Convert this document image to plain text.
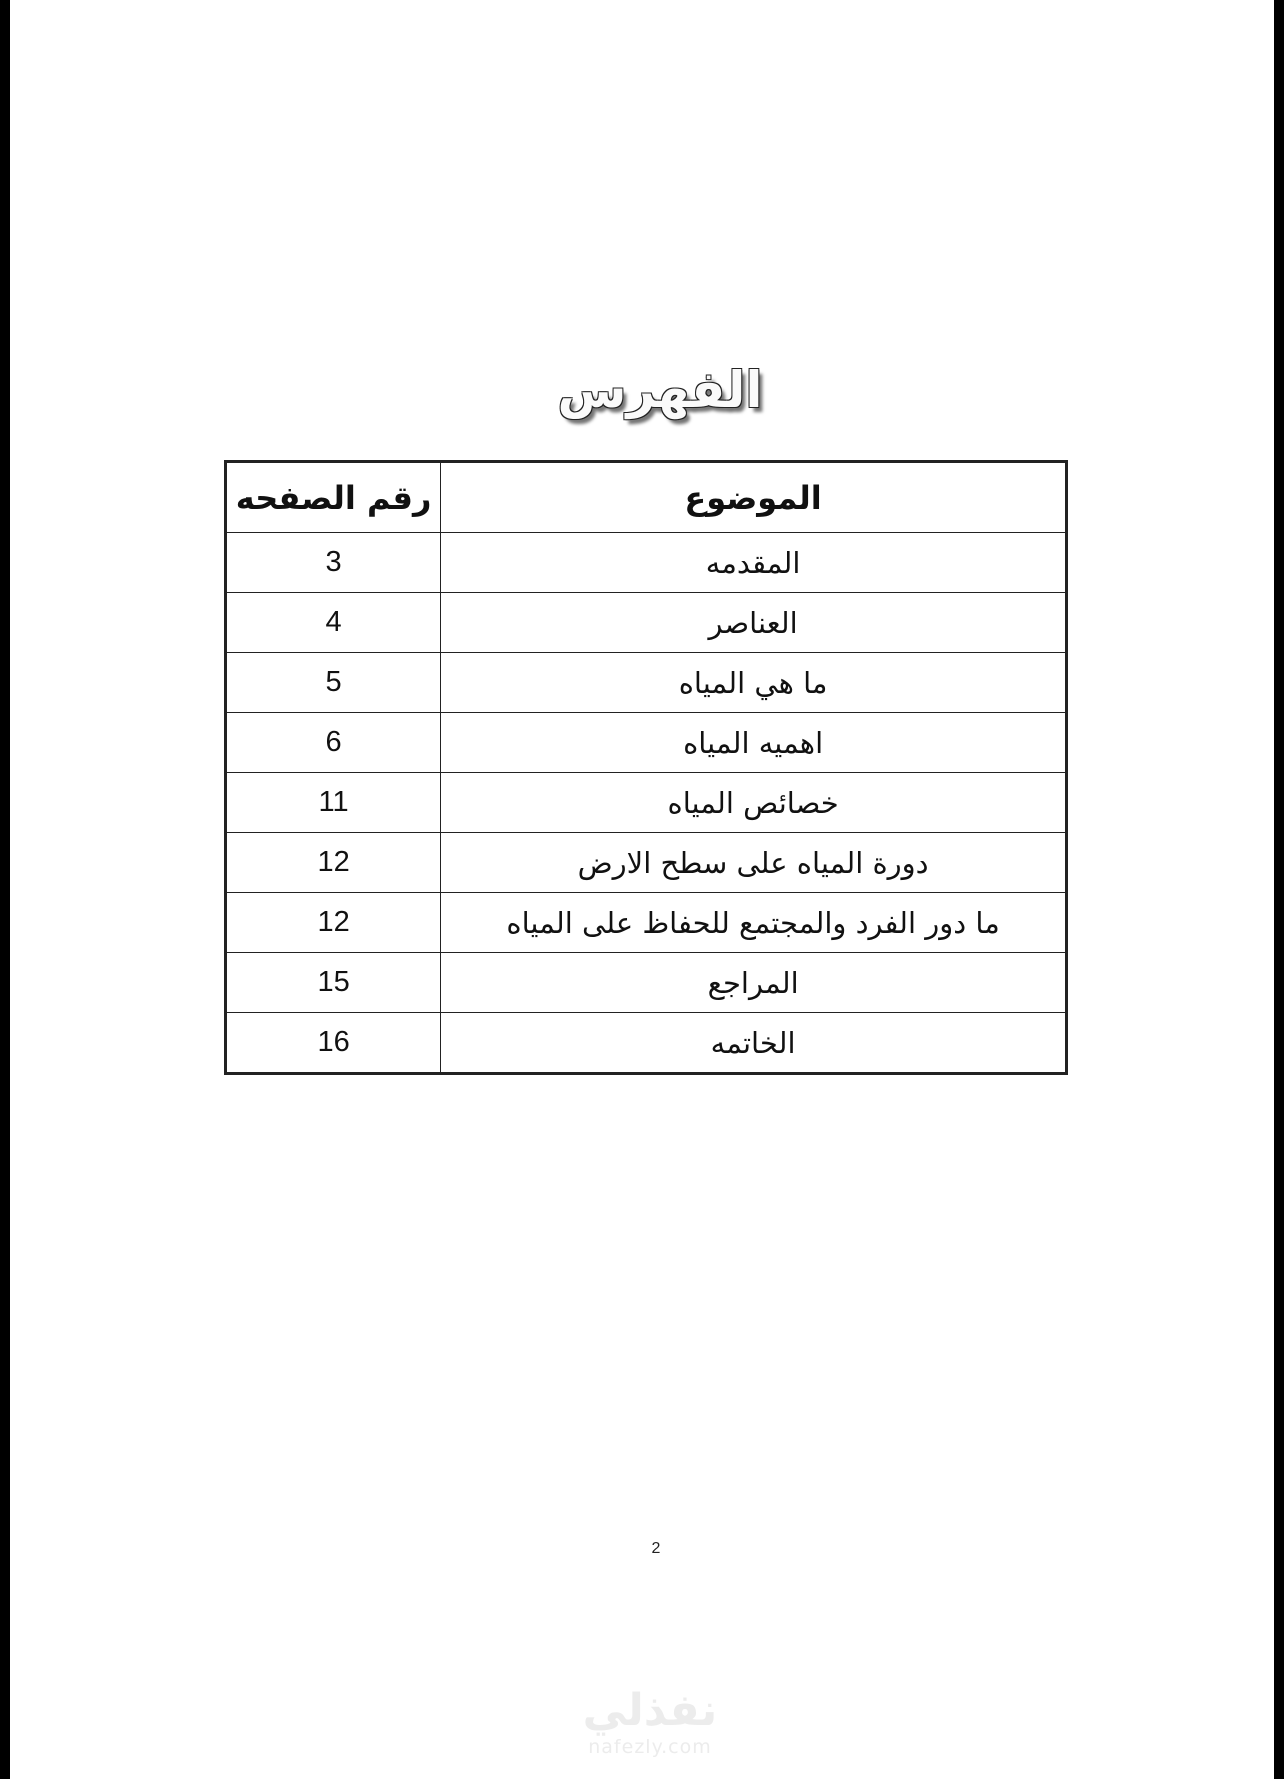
الفهرس
الموضوع	رقم الصفحه
المقدمه	3
العناصر	4
ما هي المياه	5
اهميه المياه	6
خصائص المياه	11
دورة المياه على سطح الارض	12
ما دور الفرد والمجتمع للحفاظ على المياه	12
المراجع	15
الخاتمه	16
2
نفذلي
nafezly.com
